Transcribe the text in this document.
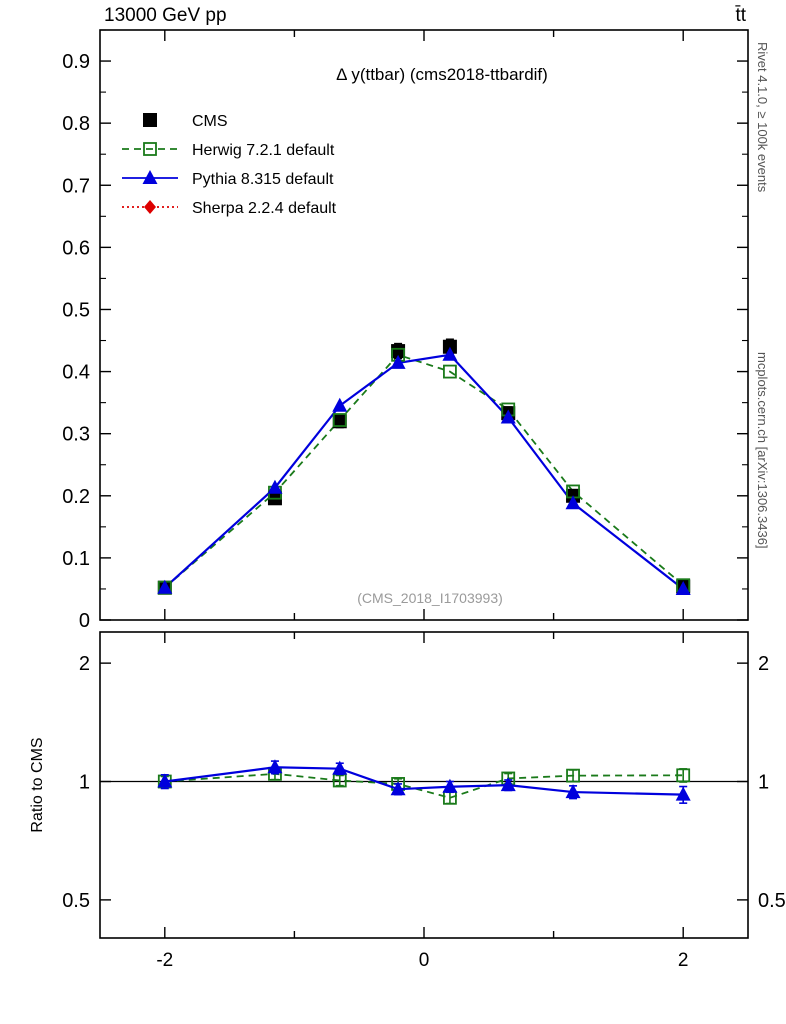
13000 GeV pp	t̄t
Rivet 4.1.0, ≥ 100k events
mcplots.cern.ch [arXiv:1306.3436]
0
0.1
0.2
0.3
0.4
0.5
0.6
0.7
0.8
0.9
Δ y(ttbar) (cms2018-ttbardif)
(CMS_2018_I1703993)
CMS
Herwig 7.2.1 default
Pythia 8.315 default
Sherpa 2.2.4 default
0.5	0.5
1	1
2	2
-2	0	2
Ratio to CMS
